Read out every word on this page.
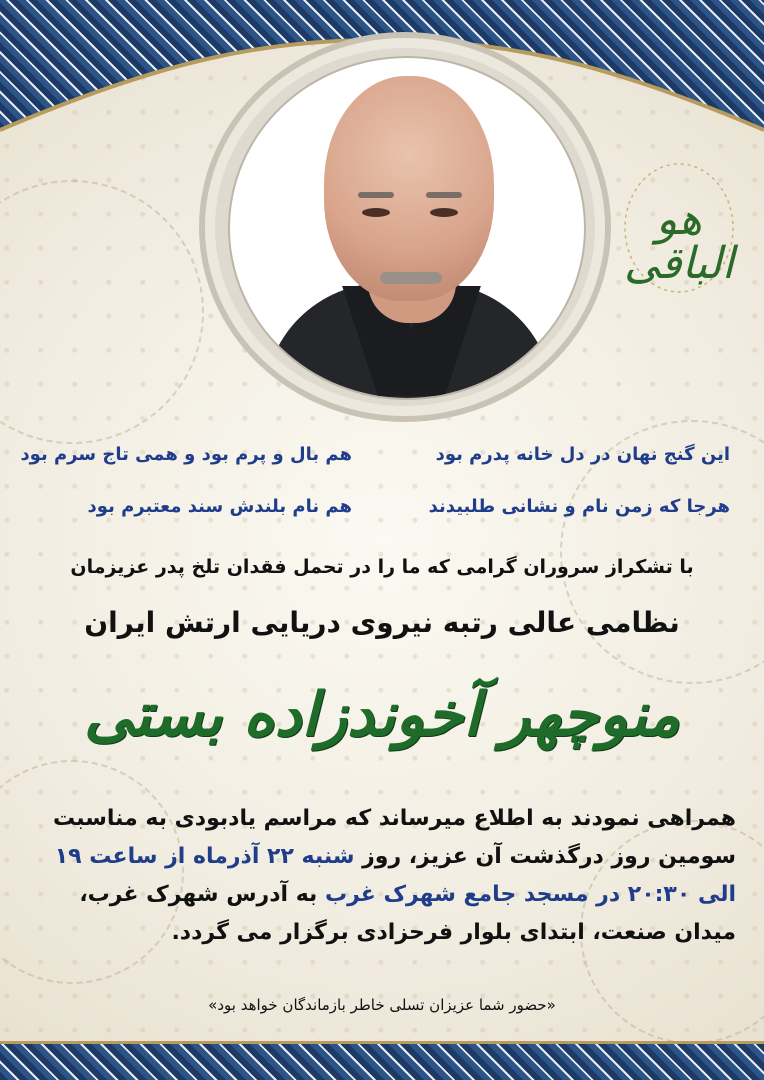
هو الباقی
این گنج نهان در دل خانه پدرم بود
هم بال و پرم بود و همی تاج سرم بود
هرجا که زمن نام و نشانی طلبیدند
هم نام بلندش سند معتبرم بود
با تشکراز سروران گرامی که ما را در تحمل فقدان تلخ پدر عزیزمان
نظامی عالی رتبه نیروی دریایی ارتش ایران
منوچهر آخوندزاده بستی
همراهی نمودند به اطلاع میرساند که مراسم یادبودی به مناسبت
سومین روز درگذشت آن عزیز، روز شنبه ۲۲ آذرماه از ساعت ۱۹
الی ۲۰:۳۰ در مسجد جامع شهرک غرب به آدرس شهرک غرب،
میدان صنعت، ابتدای بلوار فرحزادی برگزار می گردد.
«حضور شما عزیزان تسلی خاطر بازماندگان خواهد بود»
